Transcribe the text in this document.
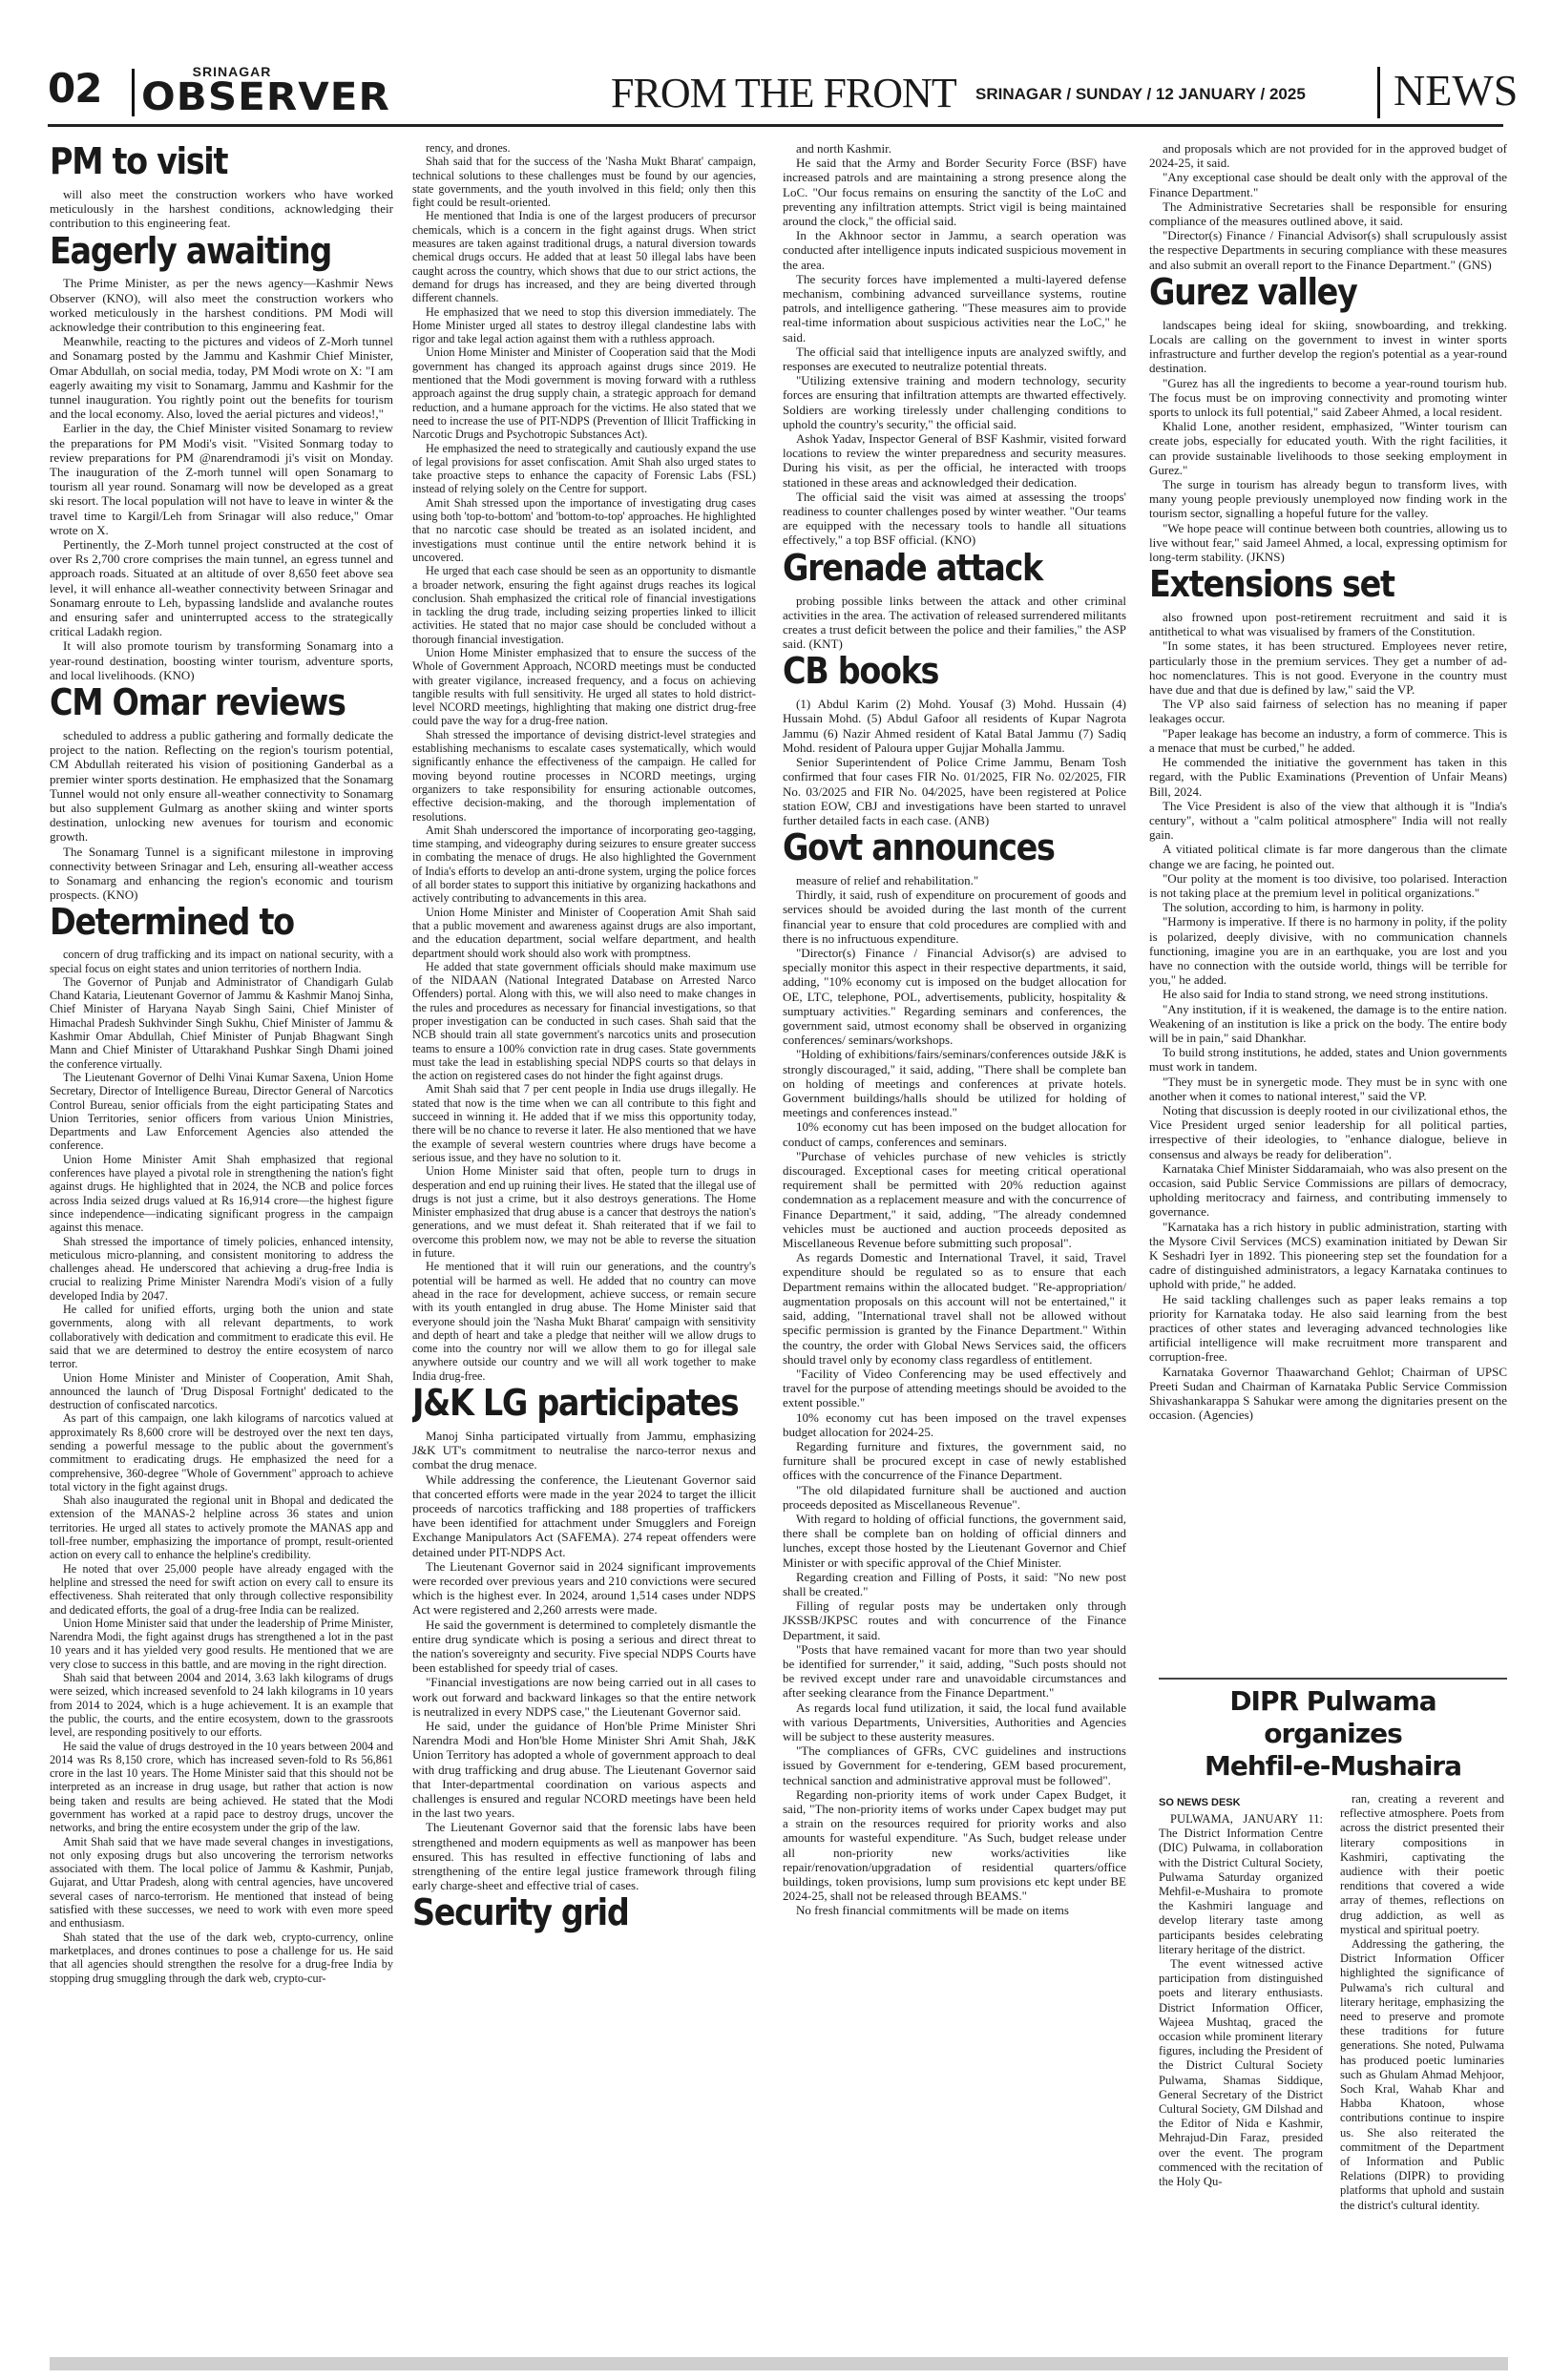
02	SRINAGAR
OBSERVER	FROM THE FRONT SRINAGAR / SUNDAY / 12 JANUARY / 2025 NEWS
PM to visit

will also meet the construction workers who have worked meticulously in the harshest conditions, acknowledging their contribution to this engineering feat.

Eagerly awaiting

The Prime Minister, as per the news agency—Kashmir News Observer (KNO), will also meet the construction workers who worked meticulously in the harshest conditions. PM Modi will acknowledge their contribution to this engineering feat.

Meanwhile, reacting to the pictures and videos of Z-Morh tunnel and Sonamarg posted by the Jammu and Kashmir Chief Minister, Omar Abdullah, on social media, today, PM Modi wrote on X: "I am eagerly awaiting my visit to Sonamarg, Jammu and Kashmir for the tunnel inauguration. You rightly point out the benefits for tourism and the local economy. Also, loved the aerial pictures and videos!,"

Earlier in the day, the Chief Minister visited Sonamarg to review the preparations for PM Modi's visit. "Visited Sonmarg today to review preparations for PM @narendramodi ji's visit on Monday. The inauguration of the Z-morh tunnel will open Sonamarg to tourism all year round. Sonamarg will now be developed as a great ski resort. The local population will not have to leave in winter & the travel time to Kargil/Leh from Srinagar will also reduce," Omar wrote on X.

Pertinently, the Z-Morh tunnel project constructed at the cost of over Rs 2,700 crore comprises the main tunnel, an egress tunnel and approach roads. Situated at an altitude of over 8,650 feet above sea level, it will enhance all-weather connectivity between Srinagar and Sonamarg enroute to Leh, bypassing landslide and avalanche routes and ensuring safer and uninterrupted access to the strategically critical Ladakh region.

It will also promote tourism by transforming Sonamarg into a year-round destination, boosting winter tourism, adventure sports, and local livelihoods. (KNO)

CM Omar reviews

scheduled to address a public gathering and formally dedicate the project to the nation. Reflecting on the region's tourism potential, CM Abdullah reiterated his vision of positioning Ganderbal as a premier winter sports destination. He emphasized that the Sonamarg Tunnel would not only ensure all-weather connectivity to Sonamarg but also supplement Gulmarg as another skiing and winter sports destination, unlocking new avenues for tourism and economic growth.

The Sonamarg Tunnel is a significant milestone in improving connectivity between Srinagar and Leh, ensuring all-weather access to Sonamarg and enhancing the region's economic and tourism prospects. (KNO)

Determined to

concern of drug trafficking and its impact on national security, with a special focus on eight states and union territories of northern India.

The Governor of Punjab and Administrator of Chandigarh Gulab Chand Kataria, Lieutenant Governor of Jammu & Kashmir Manoj Sinha, Chief Minister of Haryana Nayab Singh Saini, Chief Minister of Himachal Pradesh Sukhvinder Singh Sukhu, Chief Minister of Jammu & Kashmir Omar Abdullah, Chief Minister of Punjab Bhagwant Singh Mann and Chief Minister of Uttarakhand Pushkar Singh Dhami joined the conference virtually.

The Lieutenant Governor of Delhi Vinai Kumar Saxena, Union Home Secretary, Director of Intelligence Bureau, Director General of Narcotics Control Bureau, senior officials from the eight participating States and Union Territories, senior officers from various Union Ministries, Departments and Law Enforcement Agencies also attended the conference.

Union Home Minister Amit Shah emphasized that regional conferences have played a pivotal role in strengthening the nation's fight against drugs. He highlighted that in 2024, the NCB and police forces across India seized drugs valued at Rs 16,914 crore—the highest figure since independence—indicating significant progress in the campaign against this menace.

Shah stressed the importance of timely policies, enhanced intensity, meticulous micro-planning, and consistent monitoring to address the challenges ahead. He underscored that achieving a drug-free India is crucial to realizing Prime Minister Narendra Modi's vision of a fully developed India by 2047.

He called for unified efforts, urging both the union and state governments, along with all relevant departments, to work collaboratively with dedication and commitment to eradicate this evil. He said that we are determined to destroy the entire ecosystem of narco terror.

Union Home Minister and Minister of Cooperation, Amit Shah, announced the launch of 'Drug Disposal Fortnight' dedicated to the destruction of confiscated narcotics.

As part of this campaign, one lakh kilograms of narcotics valued at approximately Rs 8,600 crore will be destroyed over the next ten days, sending a powerful message to the public about the government's commitment to eradicating drugs. He emphasized the need for a comprehensive, 360-degree "Whole of Government" approach to achieve total victory in the fight against drugs.

Shah also inaugurated the regional unit in Bhopal and dedicated the extension of the MANAS-2 helpline across 36 states and union territories. He urged all states to actively promote the MANAS app and toll-free number, emphasizing the importance of prompt, result-oriented action on every call to enhance the helpline's credibility.

He noted that over 25,000 people have already engaged with the helpline and stressed the need for swift action on every call to ensure its effectiveness. Shah reiterated that only through collective responsibility and dedicated efforts, the goal of a drug-free India can be realized.

Union Home Minister said that under the leadership of Prime Minister, Narendra Modi, the fight against drugs has strengthened a lot in the past 10 years and it has yielded very good results. He mentioned that we are very close to success in this battle, and are moving in the right direction.

Shah said that between 2004 and 2014, 3.63 lakh kilograms of drugs were seized, which increased sevenfold to 24 lakh kilograms in 10 years from 2014 to 2024, which is a huge achievement. It is an example that the public, the courts, and the entire ecosystem, down to the grassroots level, are responding positively to our efforts.

He said the value of drugs destroyed in the 10 years between 2004 and 2014 was Rs 8,150 crore, which has increased seven-fold to Rs 56,861 crore in the last 10 years. The Home Minister said that this should not be interpreted as an increase in drug usage, but rather that action is now being taken and results are being achieved. He stated that the Modi government has worked at a rapid pace to destroy drugs, uncover the networks, and bring the entire ecosystem under the grip of the law.

Amit Shah said that we have made several changes in investigations, not only exposing drugs but also uncovering the terrorism networks associated with them. The local police of Jammu & Kashmir, Punjab, Gujarat, and Uttar Pradesh, along with central agencies, have uncovered several cases of narco-terrorism. He mentioned that instead of being satisfied with these successes, we need to work with even more speed and enthusiasm.

Shah stated that the use of the dark web, crypto-currency, online marketplaces, and drones continues to pose a challenge for us. He said that all agencies should strengthen the resolve for a drug-free India by stopping drug smuggling through the dark web, crypto-cur-

rency, and drones.

Shah said that for the success of the 'Nasha Mukt Bharat' campaign, technical solutions to these challenges must be found by our agencies, state governments, and the youth involved in this field; only then this fight could be result-oriented.

He mentioned that India is one of the largest producers of precursor chemicals, which is a concern in the fight against drugs. When strict measures are taken against traditional drugs, a natural diversion towards chemical drugs occurs. He added that at least 50 illegal labs have been caught across the country, which shows that due to our strict actions, the demand for drugs has increased, and they are being diverted through different channels.

He emphasized that we need to stop this diversion immediately. The Home Minister urged all states to destroy illegal clandestine labs with rigor and take legal action against them with a ruthless approach.

Union Home Minister and Minister of Cooperation said that the Modi government has changed its approach against drugs since 2019. He mentioned that the Modi government is moving forward with a ruthless approach against the drug supply chain, a strategic approach for demand reduction, and a humane approach for the victims. He also stated that we need to increase the use of PIT-NDPS (Prevention of Illicit Trafficking in Narcotic Drugs and Psychotropic Substances Act).

He emphasized the need to strategically and cautiously expand the use of legal provisions for asset confiscation. Amit Shah also urged states to take proactive steps to enhance the capacity of Forensic Labs (FSL) instead of relying solely on the Centre for support.

Amit Shah stressed upon the importance of investigating drug cases using both 'top-to-bottom' and 'bottom-to-top' approaches. He highlighted that no narcotic case should be treated as an isolated incident, and investigations must continue until the entire network behind it is uncovered.

He urged that each case should be seen as an opportunity to dismantle a broader network, ensuring the fight against drugs reaches its logical conclusion. Shah emphasized the critical role of financial investigations in tackling the drug trade, including seizing properties linked to illicit activities. He stated that no major case should be concluded without a thorough financial investigation.

Union Home Minister emphasized that to ensure the success of the Whole of Government Approach, NCORD meetings must be conducted with greater vigilance, increased frequency, and a focus on achieving tangible results with full sensitivity. He urged all states to hold district-level NCORD meetings, highlighting that making one district drug-free could pave the way for a drug-free nation.

Shah stressed the importance of devising district-level strategies and establishing mechanisms to escalate cases systematically, which would significantly enhance the effectiveness of the campaign. He called for moving beyond routine processes in NCORD meetings, urging organizers to take responsibility for ensuring actionable outcomes, effective decision-making, and the thorough implementation of resolutions.

Amit Shah underscored the importance of incorporating geo-tagging, time stamping, and videography during seizures to ensure greater success in combating the menace of drugs. He also highlighted the Government of India's efforts to develop an anti-drone system, urging the police forces of all border states to support this initiative by organizing hackathons and actively contributing to advancements in this area.

Union Home Minister and Minister of Cooperation Amit Shah said that a public movement and awareness against drugs are also important, and the education department, social welfare department, and health department should work should also work with promptness.

He added that state government officials should make maximum use of the NIDAAN (National Integrated Database on Arrested Narco Offenders) portal. Along with this, we will also need to make changes in the rules and procedures as necessary for financial investigations, so that proper investigation can be conducted in such cases. Shah said that the NCB should train all state government's narcotics units and prosecution teams to ensure a 100% conviction rate in drug cases. State governments must take the lead in establishing special NDPS courts so that delays in the action on registered cases do not hinder the fight against drugs.

Amit Shah said that 7 per cent people in India use drugs illegally. He stated that now is the time when we can all contribute to this fight and succeed in winning it. He added that if we miss this opportunity today, there will be no chance to reverse it later. He also mentioned that we have the example of several western countries where drugs have become a serious issue, and they have no solution to it.

Union Home Minister said that often, people turn to drugs in desperation and end up ruining their lives. He stated that the illegal use of drugs is not just a crime, but it also destroys generations. The Home Minister emphasized that drug abuse is a cancer that destroys the nation's generations, and we must defeat it. Shah reiterated that if we fail to overcome this problem now, we may not be able to reverse the situation in future.

He mentioned that it will ruin our generations, and the country's potential will be harmed as well. He added that no country can move ahead in the race for development, achieve success, or remain secure with its youth entangled in drug abuse. The Home Minister said that everyone should join the 'Nasha Mukt Bharat' campaign with sensitivity and depth of heart and take a pledge that neither will we allow drugs to come into the country nor will we allow them to go for illegal sale anywhere outside our country and we will all work together to make India drug-free.

J&K LG participates

Manoj Sinha participated virtually from Jammu, emphasizing J&K UT's commitment to neutralise the narco-terror nexus and combat the drug menace.

While addressing the conference, the Lieutenant Governor said that concerted efforts were made in the year 2024 to target the illicit proceeds of narcotics trafficking and 188 properties of traffickers have been identified for attachment under Smugglers and Foreign Exchange Manipulators Act (SAFEMA). 274 repeat offenders were detained under PIT-NDPS Act.

The Lieutenant Governor said in 2024 significant improvements were recorded over previous years and 210 convictions were secured which is the highest ever. In 2024, around 1,514 cases under NDPS Act were registered and 2,260 arrests were made.

He said the government is determined to completely dismantle the entire drug syndicate which is posing a serious and direct threat to the nation's sovereignty and security. Five special NDPS Courts have been established for speedy trial of cases.

"Financial investigations are now being carried out in all cases to work out forward and backward linkages so that the entire network is neutralized in every NDPS case," the Lieutenant Governor said.

He said, under the guidance of Hon'ble Prime Minister Shri Narendra Modi and Hon'ble Home Minister Shri Amit Shah, J&K Union Territory has adopted a whole of government approach to deal with drug trafficking and drug abuse. The Lieutenant Governor said that Inter-departmental coordination on various aspects and challenges is ensured and regular NCORD meetings have been held in the last two years.

The Lieutenant Governor said that the forensic labs have been strengthened and modern equipments as well as manpower has been ensured. This has resulted in effective functioning of labs and strengthening of the entire legal justice framework through filing early charge-sheet and effective trial of cases.

Security grid

and north Kashmir.

He said that the Army and Border Security Force (BSF) have increased patrols and are maintaining a strong presence along the LoC. "Our focus remains on ensuring the sanctity of the LoC and preventing any infiltration attempts. Strict vigil is being maintained around the clock," the official said.

In the Akhnoor sector in Jammu, a search operation was conducted after intelligence inputs indicated suspicious movement in the area.

The security forces have implemented a multi-layered defense mechanism, combining advanced surveillance systems, routine patrols, and intelligence gathering. "These measures aim to provide real-time information about suspicious activities near the LoC," he said.

The official said that intelligence inputs are analyzed swiftly, and responses are executed to neutralize potential threats.

"Utilizing extensive training and modern technology, security forces are ensuring that infiltration attempts are thwarted effectively. Soldiers are working tirelessly under challenging conditions to uphold the country's security," the official said.

Ashok Yadav, Inspector General of BSF Kashmir, visited forward locations to review the winter preparedness and security measures. During his visit, as per the official, he interacted with troops stationed in these areas and acknowledged their dedication.

The official said the visit was aimed at assessing the troops' readiness to counter challenges posed by winter weather. "Our teams are equipped with the necessary tools to handle all situations effectively," a top BSF official. (KNO)

Grenade attack

probing possible links between the attack and other criminal activities in the area. The activation of released surrendered militants creates a trust deficit between the police and their families," the ASP said. (KNT)

CB books

(1) Abdul Karim (2) Mohd. Yousaf (3) Mohd. Hussain (4) Hussain Mohd. (5) Abdul Gafoor all residents of Kupar Nagrota Jammu (6) Nazir Ahmed resident of Katal Batal Jammu (7) Sadiq Mohd. resident of Paloura upper Gujjar Mohalla Jammu.

Senior Superintendent of Police Crime Jammu, Benam Tosh confirmed that four cases FIR No. 01/2025, FIR No. 02/2025, FIR No. 03/2025 and FIR No. 04/2025, have been registered at Police station EOW, CBJ and investigations have been started to unravel further detailed facts in each case. (ANB)

Govt announces

measure of relief and rehabilitation."

Thirdly, it said, rush of expenditure on procurement of goods and services should be avoided during the last month of the current financial year to ensure that cold procedures are complied with and there is no infructuous expenditure.

"Director(s) Finance / Financial Advisor(s) are advised to specially monitor this aspect in their respective departments, it said, adding, "10% economy cut is imposed on the budget allocation for OE, LTC, telephone, POL, advertisements, publicity, hospitality & sumptuary activities." Regarding seminars and conferences, the government said, utmost economy shall be observed in organizing conferences/ seminars/workshops.

"Holding of exhibitions/fairs/seminars/conferences outside J&K is strongly discouraged," it said, adding, "There shall be complete ban on holding of meetings and conferences at private hotels. Government buildings/halls should be utilized for holding of meetings and conferences instead."

10% economy cut has been imposed on the budget allocation for conduct of camps, conferences and seminars.

"Purchase of vehicles purchase of new vehicles is strictly discouraged. Exceptional cases for meeting critical operational requirement shall be permitted with 20% reduction against condemnation as a replacement measure and with the concurrence of Finance Department," it said, adding, "The already condemned vehicles must be auctioned and auction proceeds deposited as Miscellaneous Revenue before submitting such proposal".

As regards Domestic and International Travel, it said, Travel expenditure should be regulated so as to ensure that each Department remains within the allocated budget. "Re-appropriation/ augmentation proposals on this account will not be entertained," it said, adding, "International travel shall not be allowed without specific permission is granted by the Finance Department." Within the country, the order with Global News Services said, the officers should travel only by economy class regardless of entitlement.

"Facility of Video Conferencing may be used effectively and travel for the purpose of attending meetings should be avoided to the extent possible."

10% economy cut has been imposed on the travel expenses budget allocation for 2024-25.

Regarding furniture and fixtures, the government said, no furniture shall be procured except in case of newly established offices with the concurrence of the Finance Department.

"The old dilapidated furniture shall be auctioned and auction proceeds deposited as Miscellaneous Revenue".

With regard to holding of official functions, the government said, there shall be complete ban on holding of official dinners and lunches, except those hosted by the Lieutenant Governor and Chief Minister or with specific approval of the Chief Minister.

Regarding creation and Filling of Posts, it said: "No new post shall be created."

Filling of regular posts may be undertaken only through JKSSB/JKPSC routes and with concurrence of the Finance Department, it said.

"Posts that have remained vacant for more than two year should be identified for surrender," it said, adding, "Such posts should not be revived except under rare and unavoidable circumstances and after seeking clearance from the Finance Department."

As regards local fund utilization, it said, the local fund available with various Departments, Universities, Authorities and Agencies will be subject to these austerity measures.

"The compliances of GFRs, CVC guidelines and instructions issued by Government for e-tendering, GEM based procurement, technical sanction and administrative approval must be followed".

Regarding non-priority items of work under Capex Budget, it said, "The non-priority items of works under Capex budget may put a strain on the resources required for priority works and also amounts for wasteful expenditure. "As Such, budget release under all non-priority new works/activities like repair/renovation/upgradation of residential quarters/office buildings, token provisions, lump sum provisions etc kept under BE 2024-25, shall not be released through BEAMS."

No fresh financial commitments will be made on items

and proposals which are not provided for in the approved budget of 2024-25, it said.

"Any exceptional case should be dealt only with the approval of the Finance Department."

The Administrative Secretaries shall be responsible for ensuring compliance of the measures outlined above, it said.

"Director(s) Finance / Financial Advisor(s) shall scrupulously assist the respective Departments in securing compliance with these measures and also submit an overall report to the Finance Department." (GNS)

Gurez valley

landscapes being ideal for skiing, snowboarding, and trekking. Locals are calling on the government to invest in winter sports infrastructure and further develop the region's potential as a year-round destination.

"Gurez has all the ingredients to become a year-round tourism hub. The focus must be on improving connectivity and promoting winter sports to unlock its full potential," said Zabeer Ahmed, a local resident.

Khalid Lone, another resident, emphasized, "Winter tourism can create jobs, especially for educated youth. With the right facilities, it can provide sustainable livelihoods to those seeking employment in Gurez."

The surge in tourism has already begun to transform lives, with many young people previously unemployed now finding work in the tourism sector, signalling a hopeful future for the valley.

"We hope peace will continue between both countries, allowing us to live without fear," said Jameel Ahmed, a local, expressing optimism for long-term stability. (JKNS)

Extensions set

also frowned upon post-retirement recruitment and said it is antithetical to what was visualised by framers of the Constitution.

"In some states, it has been structured. Employees never retire, particularly those in the premium services. They get a number of ad-hoc nomenclatures. This is not good. Everyone in the country must have due and that due is defined by law," said the VP.

The VP also said fairness of selection has no meaning if paper leakages occur.

"Paper leakage has become an industry, a form of commerce. This is a menace that must be curbed," he added.

He commended the initiative the government has taken in this regard, with the Public Examinations (Prevention of Unfair Means) Bill, 2024.

The Vice President is also of the view that although it is "India's century", without a "calm political atmosphere" India will not really gain.

A vitiated political climate is far more dangerous than the climate change we are facing, he pointed out.

"Our polity at the moment is too divisive, too polarised. Interaction is not taking place at the premium level in political organizations."

The solution, according to him, is harmony in polity.

"Harmony is imperative. If there is no harmony in polity, if the polity is polarized, deeply divisive, with no communication channels functioning, imagine you are in an earthquake, you are lost and you have no connection with the outside world, things will be terrible for you," he added.

He also said for India to stand strong, we need strong institutions.

"Any institution, if it is weakened, the damage is to the entire nation. Weakening of an institution is like a prick on the body. The entire body will be in pain," said Dhankhar.

To build strong institutions, he added, states and Union governments must work in tandem.

"They must be in synergetic mode. They must be in sync with one another when it comes to national interest," said the VP.

Noting that discussion is deeply rooted in our civilizational ethos, the Vice President urged senior leadership for all political parties, irrespective of their ideologies, to "enhance dialogue, believe in consensus and always be ready for deliberation".

Karnataka Chief Minister Siddaramaiah, who was also present on the occasion, said Public Service Commissions are pillars of democracy, upholding meritocracy and fairness, and contributing immensely to governance.

"Karnataka has a rich history in public administration, starting with the Mysore Civil Services (MCS) examination initiated by Dewan Sir K Seshadri Iyer in 1892. This pioneering step set the foundation for a cadre of distinguished administrators, a legacy Karnataka continues to uphold with pride," he added.

He said tackling challenges such as paper leaks remains a top priority for Karnataka today. He also said learning from the best practices of other states and leveraging advanced technologies like artificial intelligence will make recruitment more transparent and corruption-free.

Karnataka Governor Thaawarchand Gehlot; Chairman of UPSC Preeti Sudan and Chairman of Karnataka Public Service Commission Shivashankarappa S Sahukar were among the dignitaries present on the occasion. (Agencies)

DIPR Pulwama organizes
Mehfil-e-Mushaira
SO NEWS DESK

PULWAMA, JANUARY 11: The District Information Centre (DIC) Pulwama, in collaboration with the District Cultural Society, Pulwama Saturday organized Mehfil-e-Mushaira to promote the Kashmiri language and develop literary taste among participants besides celebrating literary heritage of the district.

The event witnessed active participation from distinguished poets and literary enthusiasts. District Information Officer, Wajeea Mushtaq, graced the occasion while prominent literary figures, including the President of the District Cultural Society Pulwama, Shamas Siddique, General Secretary of the District Cultural Society, GM Dilshad and the Editor of Nida e Kashmir, Mehrajud-Din Faraz, presided over the event. The program commenced with the recitation of the Holy Qu-

ran, creating a reverent and reflective atmosphere. Poets from across the district presented their literary compositions in Kashmiri, captivating the audience with their poetic renditions that covered a wide array of themes, reflections on drug addiction, as well as mystical and spiritual poetry.

Addressing the gathering, the District Information Officer highlighted the significance of Pulwama's rich cultural and literary heritage, emphasizing the need to preserve and promote these traditions for future generations. She noted, Pulwama has produced poetic luminaries such as Ghulam Ahmad Mehjoor, Soch Kral, Wahab Khar and Habba Khatoon, whose contributions continue to inspire us. She also reiterated the commitment of the Department of Information and Public Relations (DIPR) to providing platforms that uphold and sustain the district's cultural identity.
